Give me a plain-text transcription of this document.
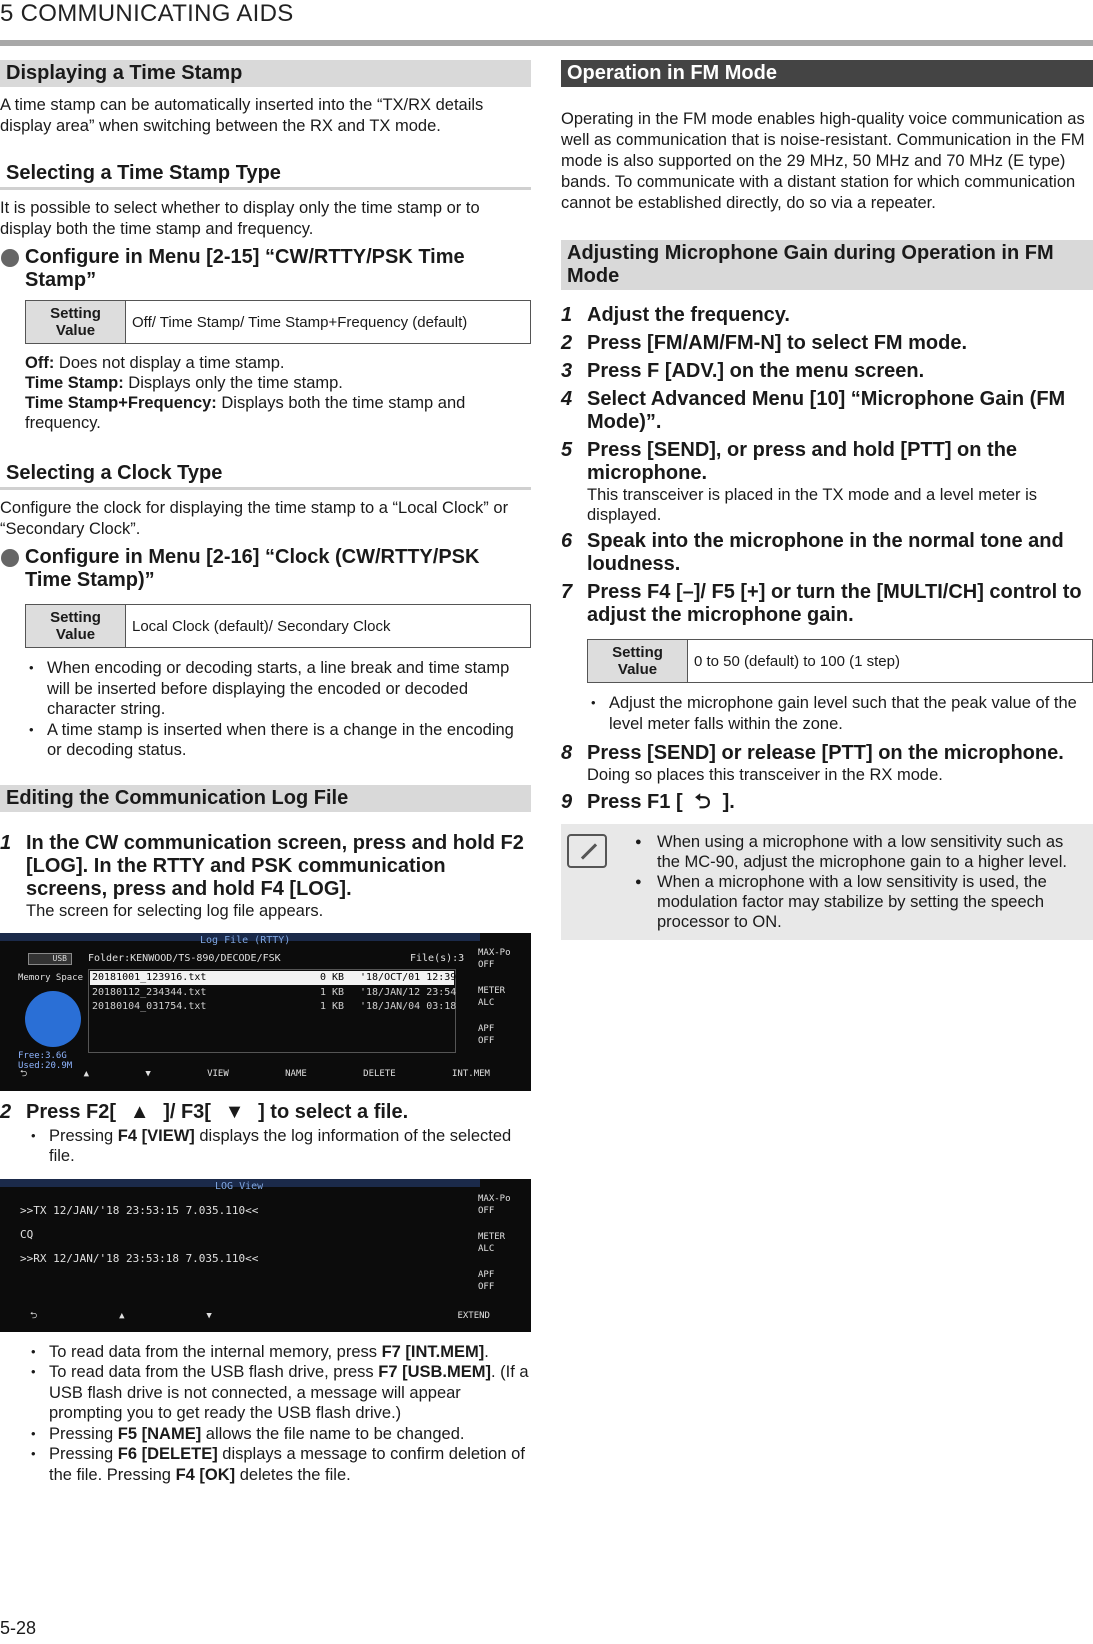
5 COMMUNICATING AIDS
Displaying a Time Stamp

A time stamp can be automatically inserted into the “TX/RX details display area” when switching between the RX and TX mode.

Selecting a Time Stamp Type

It is possible to select whether to display only the time stamp or to display both the time stamp and frequency.

Configure in Menu [2-15] “CW/RTTY/PSK Time Stamp”
Setting Value	Off/ Time Stamp/ Time Stamp+Frequency (default)
Off: Does not display a time stamp.
Time Stamp: Displays only the time stamp.
Time Stamp+Frequency: Displays both the time stamp and frequency.
Selecting a Clock Type

Configure the clock for displaying the time stamp to a “Local Clock” or “Secondary Clock”.

Configure in Menu [2-16] “Clock (CW/RTTY/PSK Time Stamp)”
Setting Value	Local Clock (default)/ Secondary Clock
• When encoding or decoding starts, a line break and time stamp will be inserted before displaying the encoded or decoded character string.
• A time stamp is inserted when there is a change in the encoding or decoding status.
Editing the Communication Log File
1 In the CW communication screen, press and hold F2 [LOG]. In the RTTY and PSK communication screens, press and hold F4 [LOG].
The screen for selecting log file appears.
Log File (RTTY)
USB	Folder:KENWOOD/TS-890/DECODE/FSK	File(s):3
Memory Space
Free:3.6G
Used:20.9M
20181001_123916.txt	0 KB '18/OCT/01 12:39
20180112_234344.txt	1 KB '18/JAN/12 23:54
20180104_031754.txt	1 KB '18/JAN/04 03:18
MAX-Po
OFF
METER
ALC
APF
OFF
⮌	▲	▼	VIEW	NAME	DELETE	INT.MEM
2 Press F2[ ▲ ]/ F3[ ▼ ] to select a file.
• Pressing F4 [VIEW] displays the log information of the selected file.
LOG View
>>TX 12/JAN/'18 23:53:15 7.035.110<<
CQ
>>RX 12/JAN/'18 23:53:18 7.035.110<<
MAX-Po
OFF
METER
ALC
APF
OFF
⮌	▲	▼	EXTEND
• To read data from the internal memory, press F7 [INT.MEM].
• To read data from the USB flash drive, press F7 [USB.MEM]. (If a USB flash drive is not connected, a message will appear prompting you to get ready the USB flash drive.)
• Pressing F5 [NAME] allows the file name to be changed.
• Pressing F6 [DELETE] displays a message to confirm deletion of the file. Pressing F4 [OK] deletes the file.
Operation in FM Mode

Operating in the FM mode enables high-quality voice communication as well as communication that is noise-resistant. Communication in the FM mode is also supported on the 29 MHz, 50 MHz and 70 MHz (E type) bands. To communicate with a distant station for which communication cannot be established directly, do so via a repeater.

Adjusting Microphone Gain during Operation in FM Mode
1 Adjust the frequency.
2 Press [FM/AM/FM-N] to select FM mode.
3 Press F [ADV.] on the menu screen.
4 Select Advanced Menu [10] “Microphone Gain (FM Mode)”.
5 Press [SEND], or press and hold [PTT] on the microphone.
This transceiver is placed in the TX mode and a level meter is displayed.
6 Speak into the microphone in the normal tone and loudness.
7 Press F4 [–]/ F5 [+] or turn the [MULTI/CH] control to adjust the microphone gain.
Setting Value	0 to 50 (default) to 100 (1 step)
• Adjust the microphone gain level such that the peak value of the level meter falls within the zone.
8 Press [SEND] or release [PTT] on the microphone.
Doing so places this transceiver in the RX mode.
9 Press F1 [ ⮌ ].
● When using a microphone with a low sensitivity such as the MC-90, adjust the microphone gain to a higher level.
● When a microphone with a low sensitivity is used, the modulation factor may stabilize by setting the speech processor to ON.
5-28
